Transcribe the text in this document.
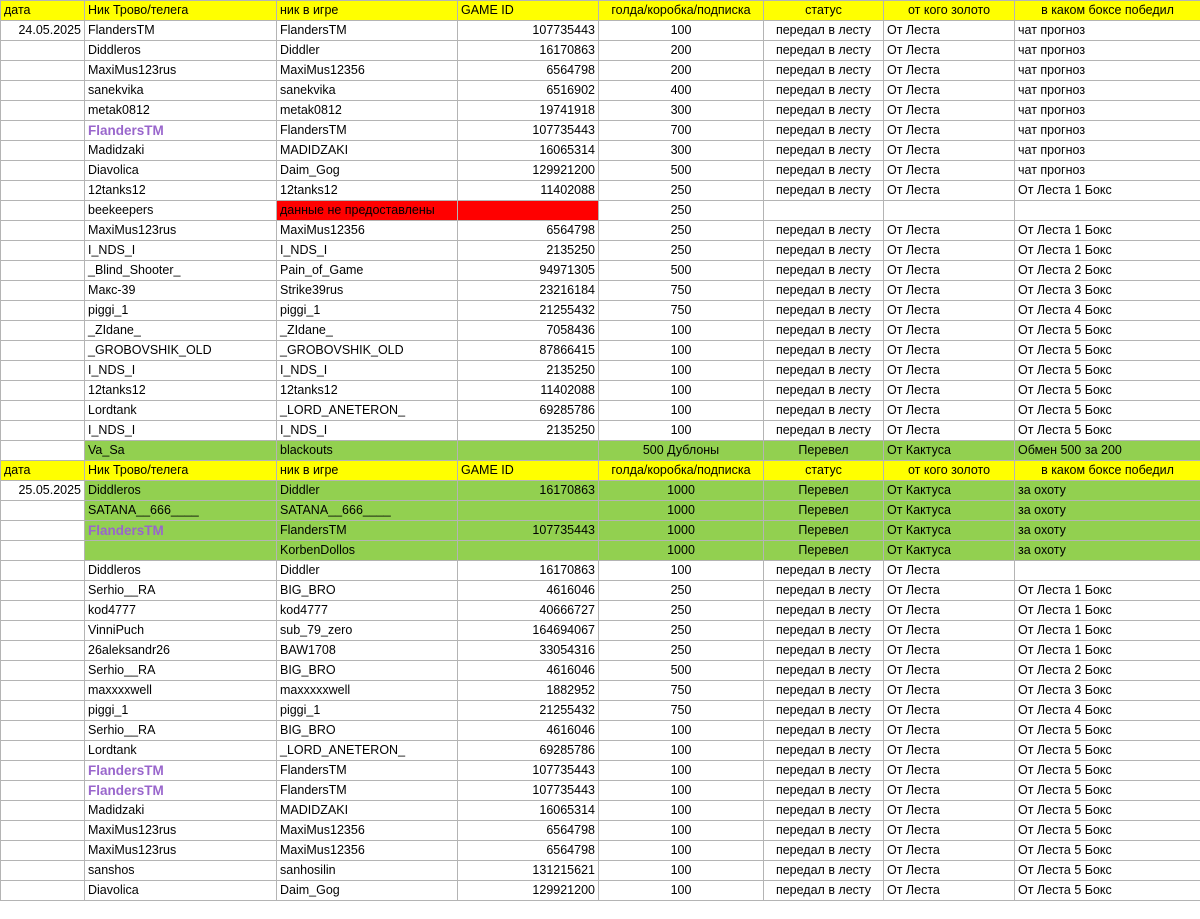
дата	Ник Трово/телега	ник в игре	GAME ID	голда/коробка/подписка	статус	от кого золото	в каком боксе победил
24.05.2025	FlandersTM	FlandersTM	107735443	100	передал в лесту	От Леста	чат прогноз
	Diddleros	Diddler	16170863	200	передал в лесту	От Леста	чат прогноз
	MaxiMus123rus	MaxiMus12356	6564798	200	передал в лесту	От Леста	чат прогноз
	sanekvika	sanekvika	6516902	400	передал в лесту	От Леста	чат прогноз
	metak0812	metak0812	19741918	300	передал в лесту	От Леста	чат прогноз
	FlandersTM	FlandersTM	107735443	700	передал в лесту	От Леста	чат прогноз
	Madidzaki	MADIDZAKI	16065314	300	передал в лесту	От Леста	чат прогноз
	Diavolica	Daim_Gog	129921200	500	передал в лесту	От Леста	чат прогноз
	12tanks12	12tanks12	11402088	250	передал в лесту	От Леста	От Леста 1 Бокс
	beekeepers	данные не предоставлены		250			
	MaxiMus123rus	MaxiMus12356	6564798	250	передал в лесту	От Леста	От Леста 1 Бокс
	I_NDS_I	I_NDS_I	2135250	250	передал в лесту	От Леста	От Леста 1 Бокс
	_Blind_Shooter_	Pain_of_Game	94971305	500	передал в лесту	От Леста	От Леста 2 Бокс
	Макс-39	Strike39rus	23216184	750	передал в лесту	От Леста	От Леста 3 Бокс
	piggi_1	piggi_1	21255432	750	передал в лесту	От Леста	От Леста 4 Бокс
	_ZIdane_	_ZIdane_	7058436	100	передал в лесту	От Леста	От Леста 5 Бокс
	_GROBOVSHIK_OLD	_GROBOVSHIK_OLD	87866415	100	передал в лесту	От Леста	От Леста 5 Бокс
	I_NDS_I	I_NDS_I	2135250	100	передал в лесту	От Леста	От Леста 5 Бокс
	12tanks12	12tanks12	11402088	100	передал в лесту	От Леста	От Леста 5 Бокс
	Lordtank	_LORD_ANETERON_	69285786	100	передал в лесту	От Леста	От Леста 5 Бокс
	I_NDS_I	I_NDS_I	2135250	100	передал в лесту	От Леста	От Леста 5 Бокс
	Va_Sa	blackouts		500 Дублоны	Перевел	От Кактуса	Обмен 500 за 200
дата	Ник Трово/телега	ник в игре	GAME ID	голда/коробка/подписка	статус	от кого золото	в каком боксе победил
25.05.2025	Diddleros	Diddler	16170863	1000	Перевел	От Кактуса	за охоту
	SATANA__666____	SATANA__666____		1000	Перевел	От Кактуса	за охоту
	FlandersTM	FlandersTM	107735443	1000	Перевел	От Кактуса	за охоту
		KorbenDollos		1000	Перевел	От Кактуса	за охоту
	Diddleros	Diddler	16170863	100	передал в лесту	От Леста	
	Serhio__RA	BIG_BRO	4616046	250	передал в лесту	От Леста	От Леста 1 Бокс
	kod4777	kod4777	40666727	250	передал в лесту	От Леста	От Леста 1 Бокс
	VinniPuch	sub_79_zero	164694067	250	передал в лесту	От Леста	От Леста 1 Бокс
	26aleksandr26	BAW1708	33054316	250	передал в лесту	От Леста	От Леста 1 Бокс
	Serhio__RA	BIG_BRO	4616046	500	передал в лесту	От Леста	От Леста 2 Бокс
	maxxxxwell	maxxxxxwell	1882952	750	передал в лесту	От Леста	От Леста 3 Бокс
	piggi_1	piggi_1	21255432	750	передал в лесту	От Леста	От Леста 4 Бокс
	Serhio__RA	BIG_BRO	4616046	100	передал в лесту	От Леста	От Леста 5 Бокс
	Lordtank	_LORD_ANETERON_	69285786	100	передал в лесту	От Леста	От Леста 5 Бокс
	FlandersTM	FlandersTM	107735443	100	передал в лесту	От Леста	От Леста 5 Бокс
	FlandersTM	FlandersTM	107735443	100	передал в лесту	От Леста	От Леста 5 Бокс
	Madidzaki	MADIDZAKI	16065314	100	передал в лесту	От Леста	От Леста 5 Бокс
	MaxiMus123rus	MaxiMus12356	6564798	100	передал в лесту	От Леста	От Леста 5 Бокс
	MaxiMus123rus	MaxiMus12356	6564798	100	передал в лесту	От Леста	От Леста 5 Бокс
	sanshos	sanhosilin	131215621	100	передал в лесту	От Леста	От Леста 5 Бокс
	Diavolica	Daim_Gog	129921200	100	передал в лесту	От Леста	От Леста 5 Бокс
